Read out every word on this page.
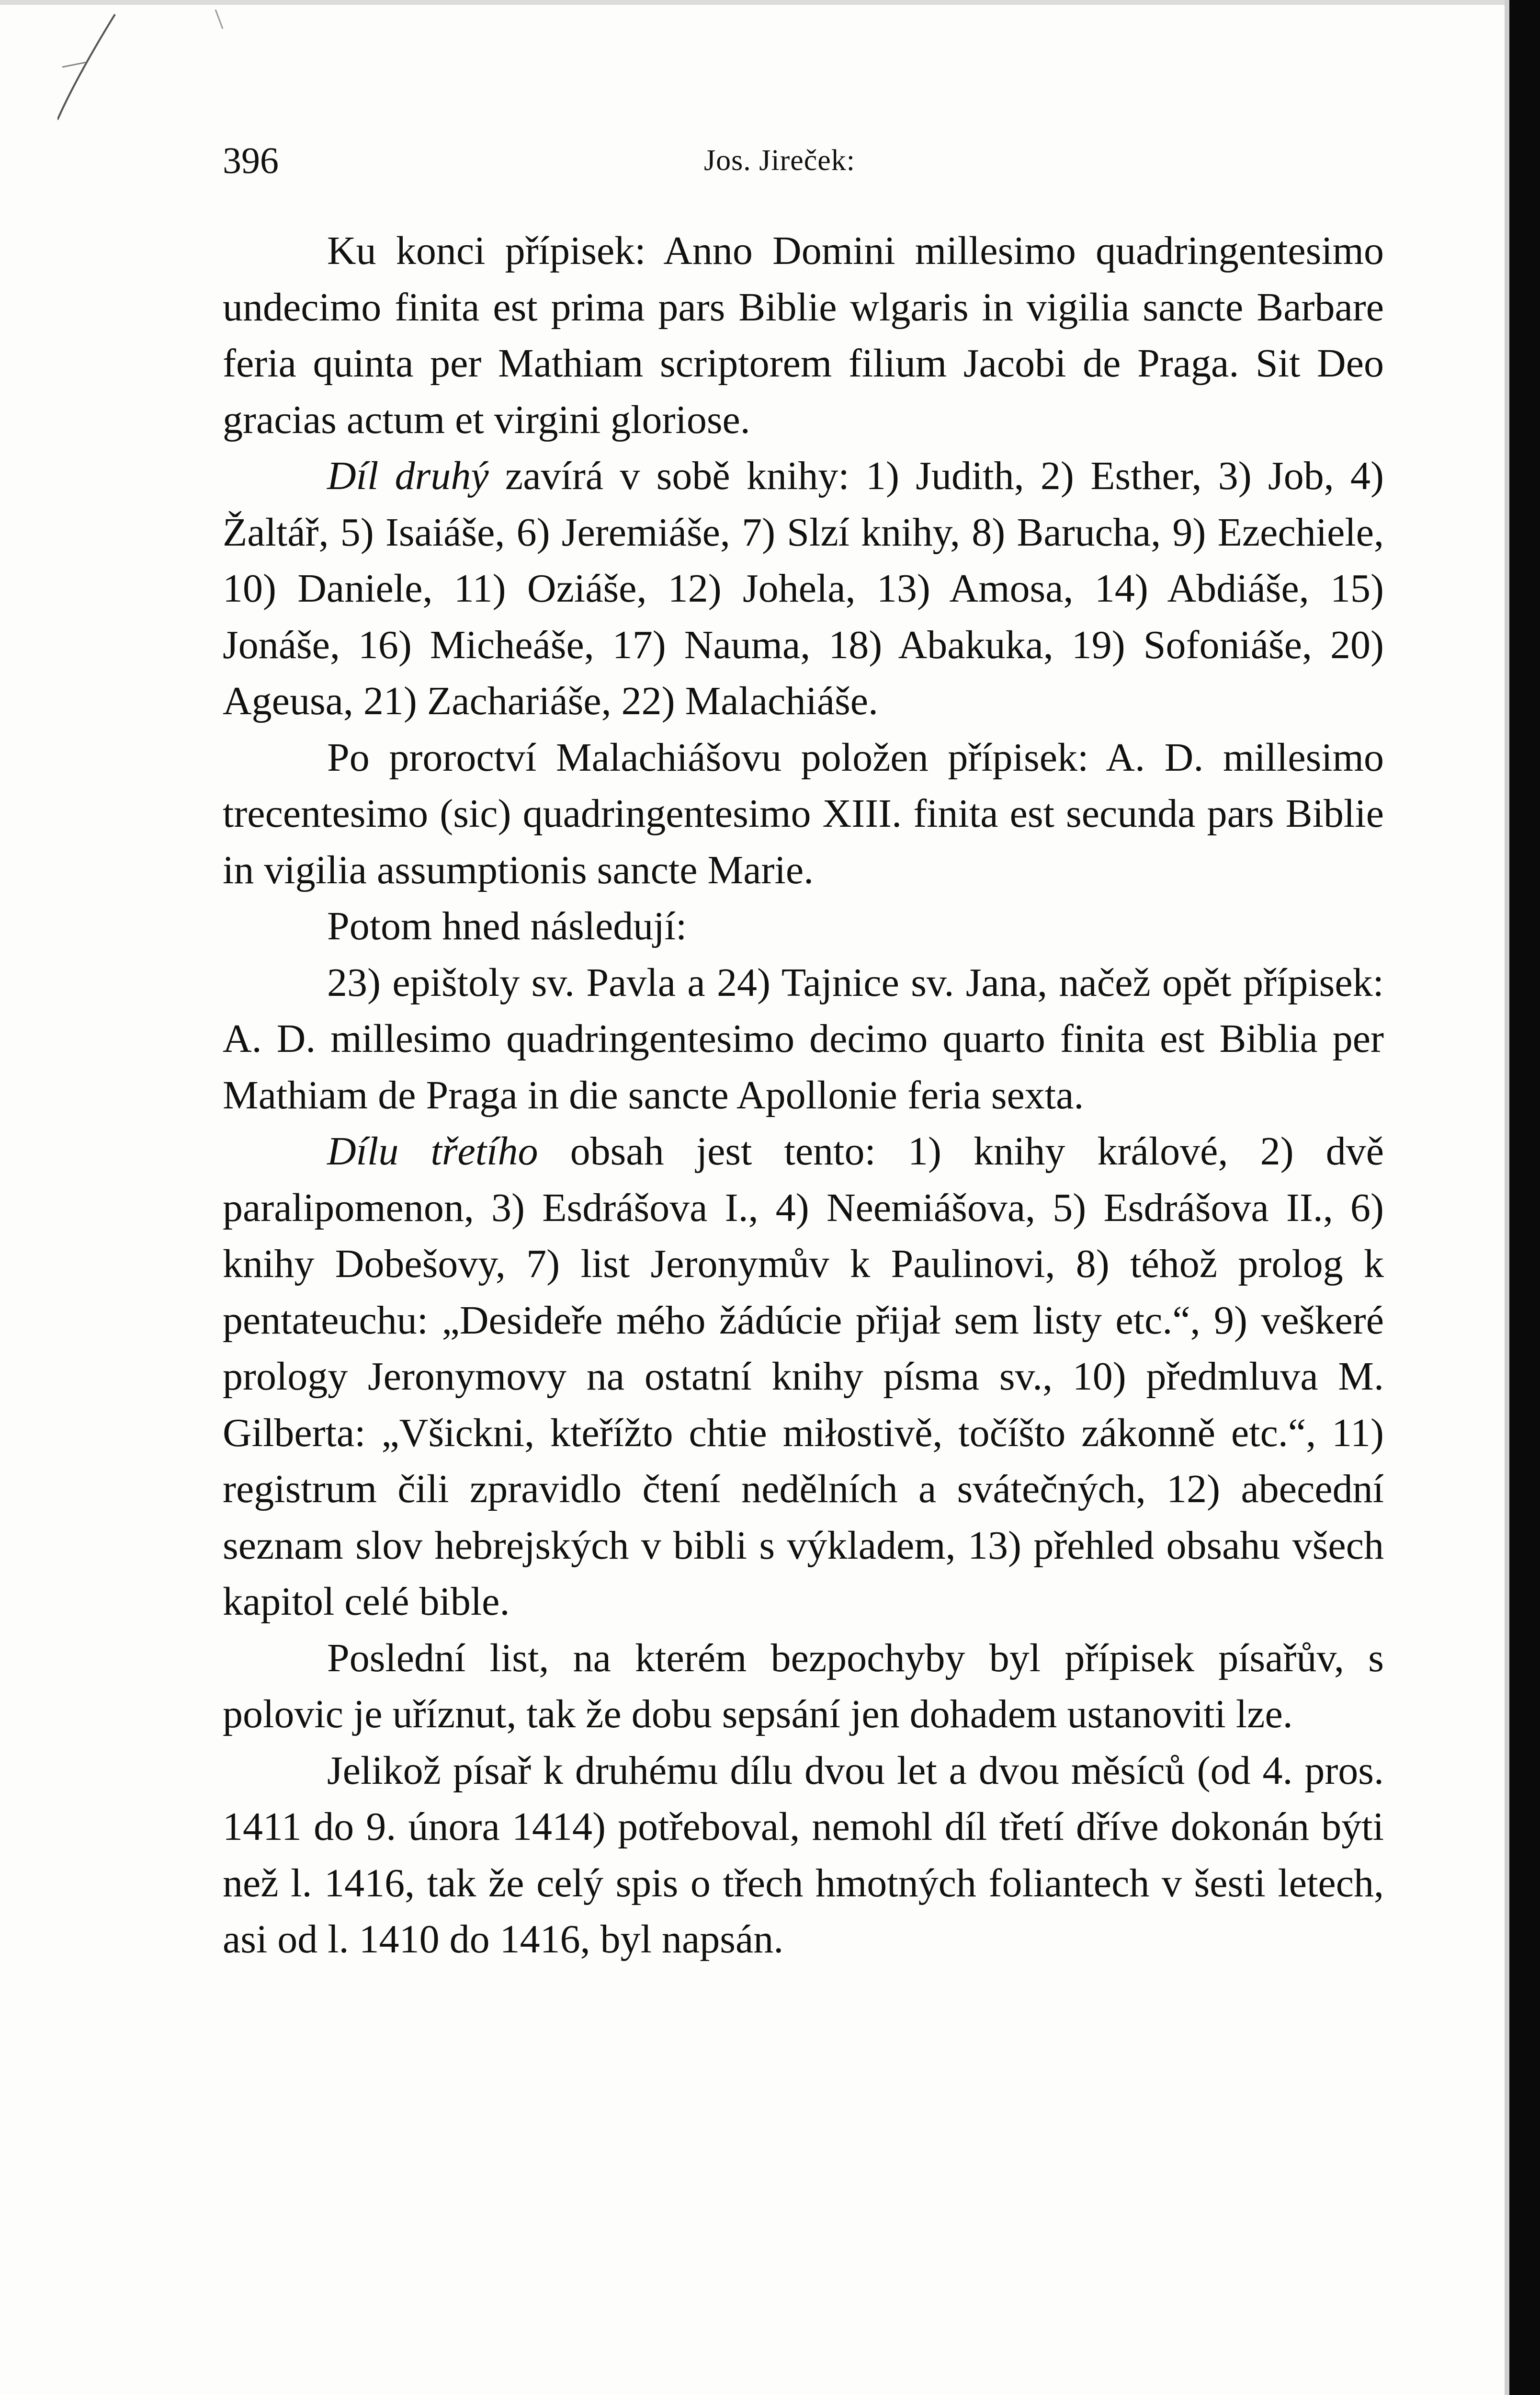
396	Jos. Jireček:

Ku konci přípisek: Anno Domini millesimo quadringentesimo undecimo finita est prima pars Biblie wlgaris in vigilia sancte Barbare feria quinta per Mathiam scriptorem filium Jacobi de Praga. Sit Deo gracias actum et virgini gloriose.

Díl druhý zavírá v sobě knihy: 1) Judith, 2) Esther, 3) Job, 4) Žaltář, 5) Isaiáše, 6) Jeremiáše, 7) Slzí knihy, 8) Barucha, 9) Ezechiele, 10) Daniele, 11) Oziáše, 12) Johela, 13) Amosa, 14) Abdiáše, 15) Jonáše, 16) Micheáše, 17) Nauma, 18) Abakuka, 19) Sofoniáše, 20) Ageusa, 21) Zachariáše, 22) Malachiáše.

Po proroctví Malachiášovu položen přípisek: A. D. millesimo trecentesimo (sic) quadringentesimo XIII. finita est secunda pars Biblie in vigilia assumptionis sancte Marie.

Potom hned následují:

23) epištoly sv. Pavla a 24) Tajnice sv. Jana, načež opět přípisek: A. D. millesimo quadringentesimo decimo quarto finita est Biblia per Mathiam de Praga in die sancte Apollonie feria sexta.

Dílu třetího obsah jest tento: 1) knihy králové, 2) dvě paralipomenon, 3) Esdrášova I., 4) Neemiášova, 5) Esdrášova II., 6) knihy Dobešovy, 7) list Jeronymův k Paulinovi, 8) téhož prolog k pentateuchu: „Desideře mého žádúcie přijał sem listy etc.“, 9) veškeré prology Jeronymovy na ostatní knihy písma sv., 10) předmluva M. Gilberta: „Všickni, kteřížto chtie miłostivě, točíšto zákonně etc.“, 11) registrum čili zpravidlo čtení nedělních a svátečných, 12) abecední seznam slov hebrejských v bibli s výkladem, 13) přehled obsahu všech kapitol celé bible.

Poslední list, na kterém bezpochyby byl přípisek písařův, s polovic je uříznut, tak že dobu sepsání jen dohadem ustanoviti lze.

Jelikož písař k druhému dílu dvou let a dvou měsíců (od 4. pros. 1411 do 9. února 1414) potřeboval, nemohl díl třetí dříve dokonán býti než l. 1416, tak že celý spis o třech hmotných foliantech v šesti letech, asi od l. 1410 do 1416, byl napsán.
